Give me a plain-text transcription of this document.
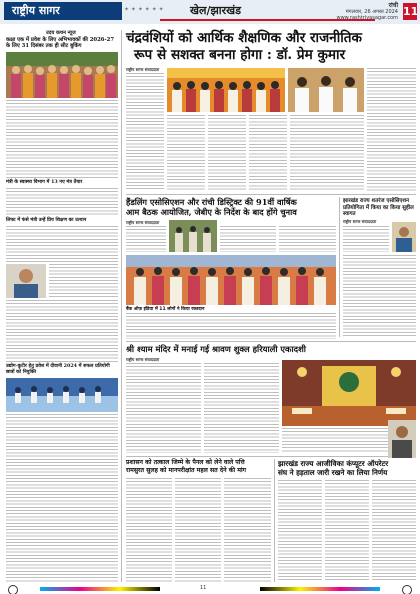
राष्ट्रीय सागर	✦ ✦ ✦ ✦ ✦ ✦ खेल/झारखंड	रांची
मंगलवार, 26 अगस्त 2024
www.rashtriyasagar.com 11
उदय कथन न्यूज
कक्षा एक में प्रवेश के लिए अभिभावकों की 2026-27 के लिए 31 दिसंबर तक ही सीट बुकिंग
मंत्री के स्वास्थ्य विभाग में 13 नए मंत्र तैयार
लिफ्ट में फंसे मंत्री उन्हें प्रिय शिक्षण का उत्थान
उद्योग-कुटीर हेतु प्रवेश में दीवानी 2024 में सफल प्रतियोगी छात्रों को नियुक्ति
चंद्रवंशियों को आर्थिक शैक्षणिक और राजनीतिक
रूप से सशक्त बनना होगा : डॉ. प्रेम कुमार
राष्ट्रीय सागर संवाददाता
हैंडलिंग एसोसिएशन और रांची डिस्ट्रिक्ट की 91वीं वार्षिक
आम बैठक आयोजित, जेबीए के निर्देश के बाद होंगे चुनाव
राष्ट्रीय सागर संवाददाता
झारखंड राज्य शतरंज एसोसिएशन प्रतियोगिता में किया का किया सुहील स्वागत
राष्ट्रीय सागर संवाददाता
बैंक ऑफ़ इंडिया में 11 लोगों ने किया रक्तदान
श्री श्याम मंदिर में मनाई गई श्रावण शुक्ल हरियाली एकादशी
राष्ट्रीय सागर संवाददाता
प्रशासन को तत्काल जिम्मे के पैनल को लेने वाले पत्ति
रामसुरत सुलह को मानपरीक्षांत महल सत देने की मांग
झारखंड राज्य आजीविका कंप्यूटर ऑपरेटर
संघ ने हड़ताल जारी रखने का लिया निर्णय
11
